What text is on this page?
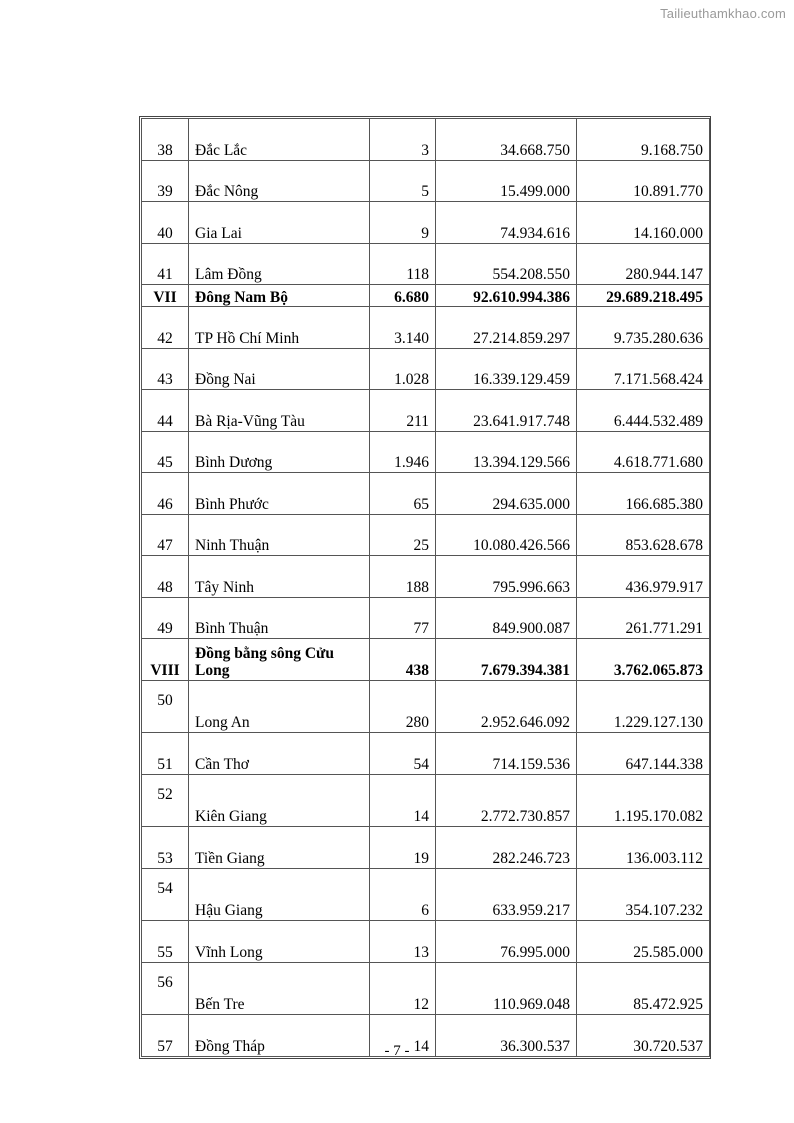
Tailieuthamkhao.com
38	Đắc Lắc	3	34.668.750	9.168.750
39	Đắc Nông	5	15.499.000	10.891.770
40	Gia Lai	9	74.934.616	14.160.000
41	Lâm Đồng	118	554.208.550	280.944.147
VII	Đông Nam Bộ	6.680	92.610.994.386	29.689.218.495
42	TP Hồ Chí Minh	3.140	27.214.859.297	9.735.280.636
43	Đồng Nai	1.028	16.339.129.459	7.171.568.424
44	Bà Rịa-Vũng Tàu	211	23.641.917.748	6.444.532.489
45	Bình Dương	1.946	13.394.129.566	4.618.771.680
46	Bình Phước	65	294.635.000	166.685.380
47	Ninh Thuận	25	10.080.426.566	853.628.678
48	Tây Ninh	188	795.996.663	436.979.917
49	Bình Thuận	77	849.900.087	261.771.291
VIII	Đồng bằng sông Cửu Long	438	7.679.394.381	3.762.065.873
50	Long An	280	2.952.646.092	1.229.127.130
51	Cần Thơ	54	714.159.536	647.144.338
52	Kiên Giang	14	2.772.730.857	1.195.170.082
53	Tiền Giang	19	282.246.723	136.003.112
54	Hậu Giang	6	633.959.217	354.107.232
55	Vĩnh Long	13	76.995.000	25.585.000
56	Bến Tre	12	110.969.048	85.472.925
57	Đồng Tháp	14	36.300.537	30.720.537
- 7 -
